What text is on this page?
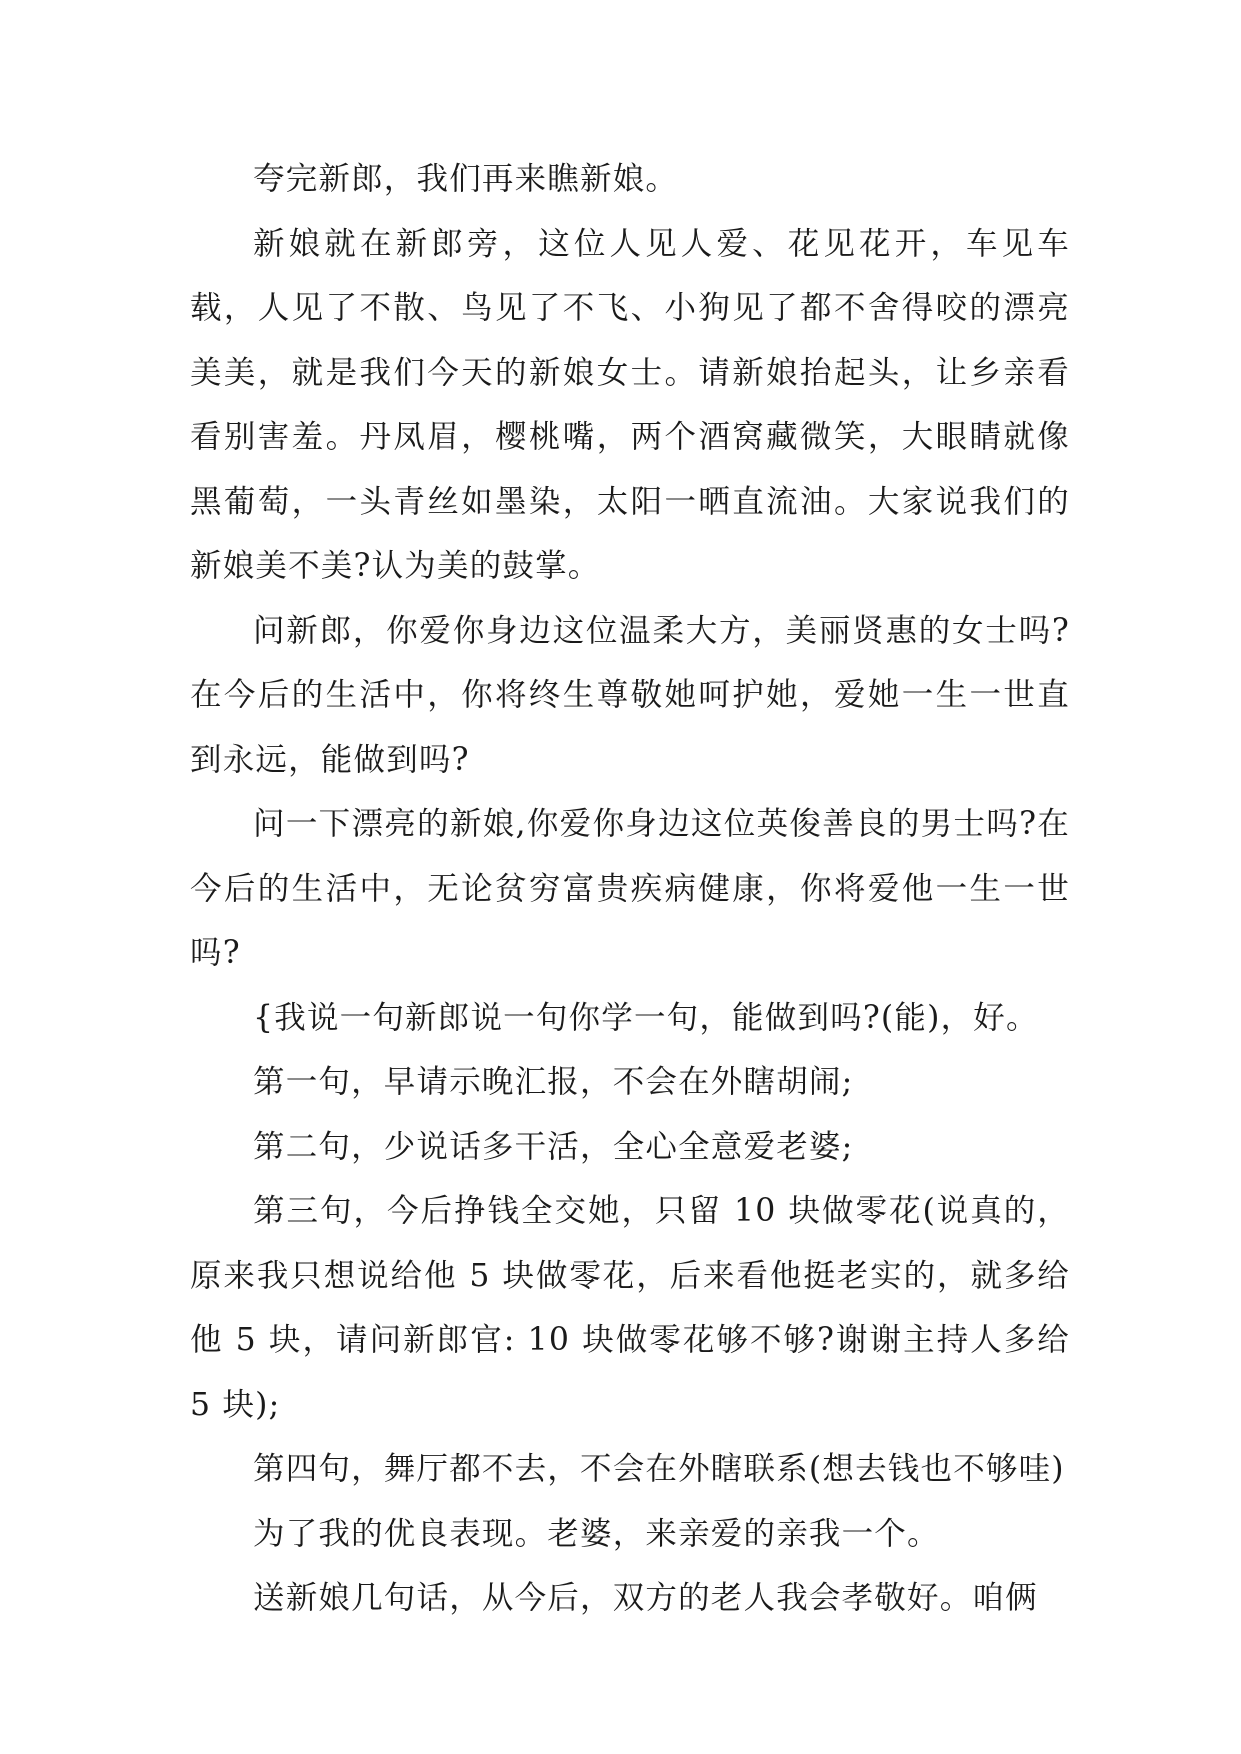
夸完新郎，我们再来瞧新娘。

新娘就在新郎旁，这位人见人爱、花见花开，车见车载，人见了不散、鸟见了不飞、小狗见了都不舍得咬的漂亮美美，就是我们今天的新娘女士。请新娘抬起头，让乡亲看看别害羞。丹凤眉，樱桃嘴，两个酒窝藏微笑，大眼睛就像黑葡萄，一头青丝如墨染，太阳一晒直流油。大家说我们的新娘美不美?认为美的鼓掌。

问新郎，你爱你身边这位温柔大方，美丽贤惠的女士吗?在今后的生活中，你将终生尊敬她呵护她，爱她一生一世直到永远，能做到吗?

问一下漂亮的新娘,你爱你身边这位英俊善良的男士吗?在今后的生活中，无论贫穷富贵疾病健康，你将爱他一生一世吗?

{我说一句新郎说一句你学一句，能做到吗?(能)，好。

第一句，早请示晚汇报，不会在外瞎胡闹;

第二句，少说话多干活，全心全意爱老婆;

第三句，今后挣钱全交她，只留 10 块做零花(说真的，原来我只想说给他 5 块做零花，后来看他挺老实的，就多给他 5 块，请问新郎官: 10 块做零花够不够?谢谢主持人多给 5 块);

第四句，舞厅都不去，不会在外瞎联系(想去钱也不够哇)

为了我的优良表现。老婆，来亲爱的亲我一个。

送新娘几句话，从今后，双方的老人我会孝敬好。咱俩
